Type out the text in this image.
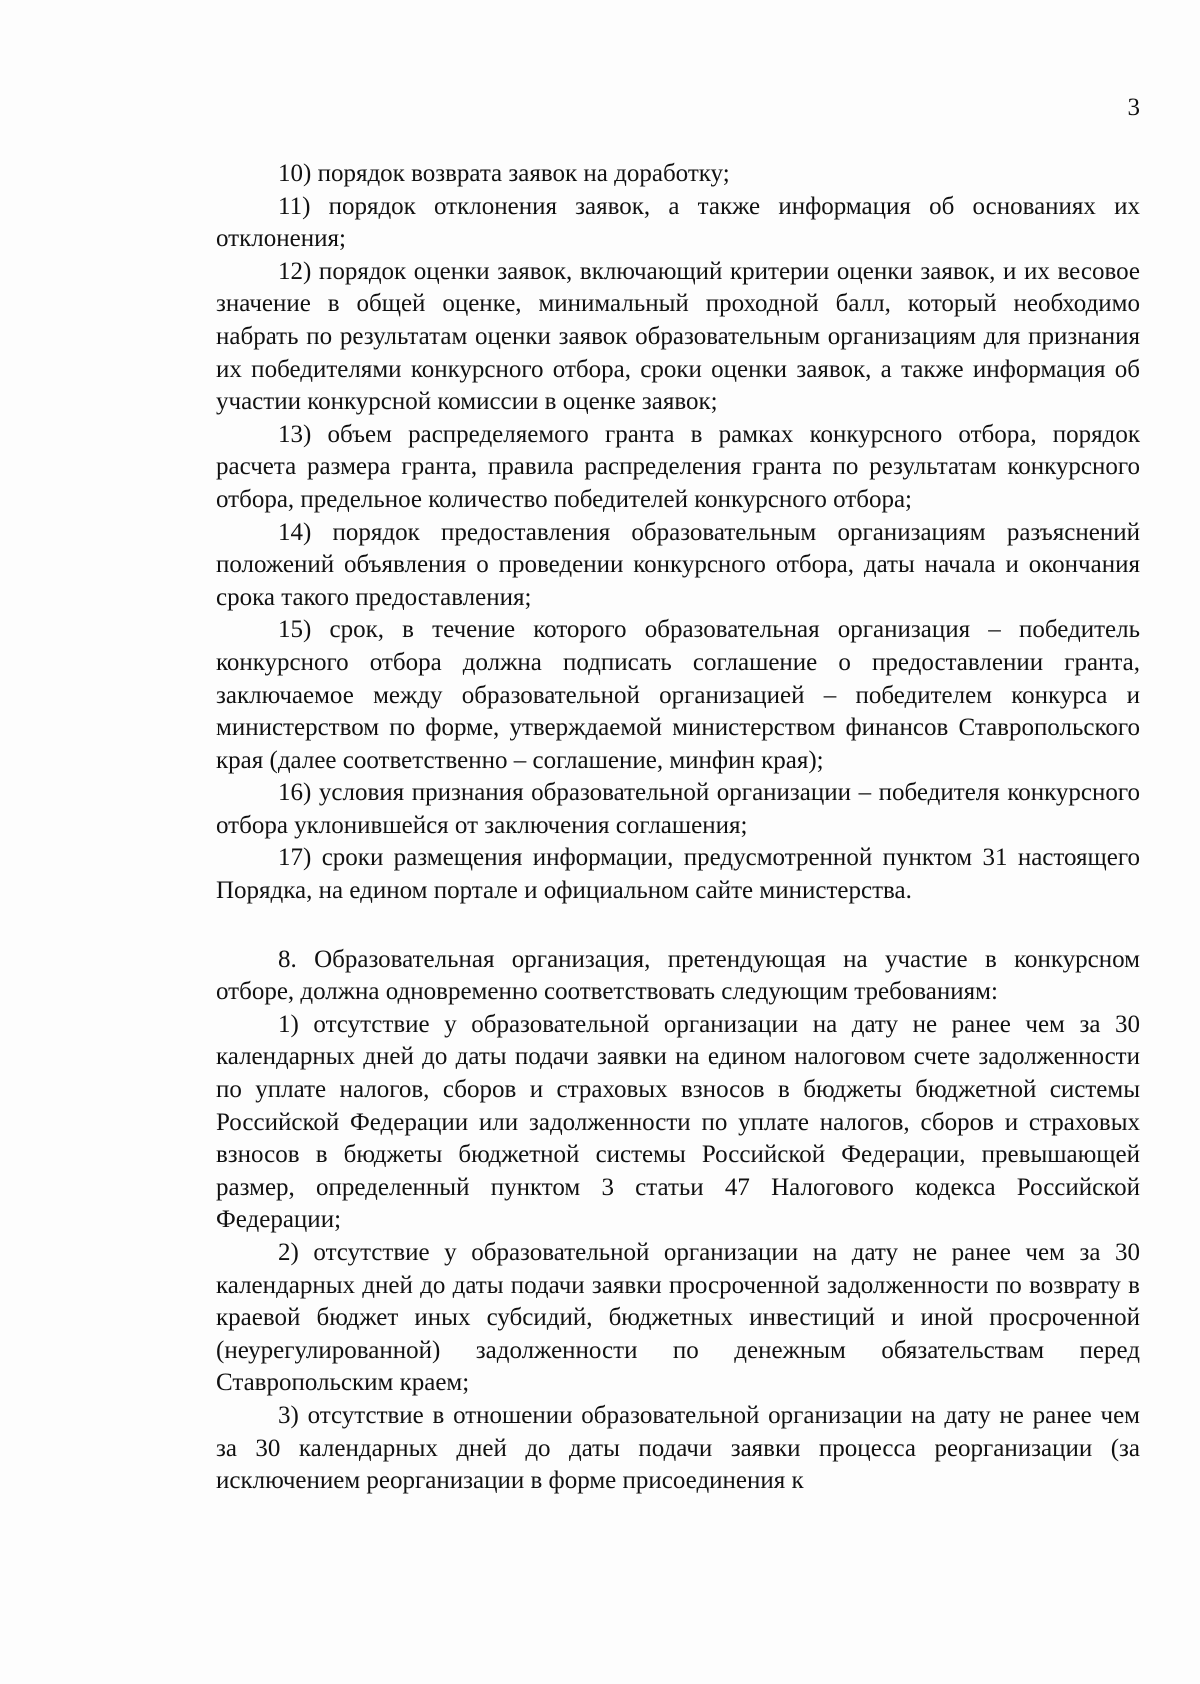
3

10) порядок возврата заявок на доработку;

11) порядок отклонения заявок, а также информация об основаниях их отклонения;

12) порядок оценки заявок, включающий критерии оценки заявок, и их весовое значение в общей оценке, минимальный проходной балл, который необходимо набрать по результатам оценки заявок образовательным организациям для признания их победителями конкурсного отбора, сроки оценки заявок, а также информация об участии конкурсной комиссии в оценке заявок;

13) объем распределяемого гранта в рамках конкурсного отбора, порядок расчета размера гранта, правила распределения гранта по результатам конкурсного отбора, предельное количество победителей конкурсного отбора;

14) порядок предоставления образовательным организациям разъяснений положений объявления о проведении конкурсного отбора, даты начала и окончания срока такого предоставления;

15) срок, в течение которого образовательная организация – победитель конкурсного отбора должна подписать соглашение о предоставлении гранта, заключаемое между образовательной организацией – победителем конкурса и министерством по форме, утверждаемой министерством финансов Ставропольского края (далее соответственно – соглашение, минфин края);

16) условия признания образовательной организации – победителя конкурсного отбора уклонившейся от заключения соглашения;

17) сроки размещения информации, предусмотренной пунктом 31 настоящего Порядка, на едином портале и официальном сайте министерства.

8. Образовательная организация, претендующая на участие в конкурсном отборе, должна одновременно соответствовать следующим требованиям:

1) отсутствие у образовательной организации на дату не ранее чем за 30 календарных дней до даты подачи заявки на едином налоговом счете задолженности по уплате налогов, сборов и страховых взносов в бюджеты бюджетной системы Российской Федерации или задолженности по уплате налогов, сборов и страховых взносов в бюджеты бюджетной системы Российской Федерации, превышающей размер, определенный пунктом 3 статьи 47 Налогового кодекса Российской Федерации;

2) отсутствие у образовательной организации на дату не ранее чем за 30 календарных дней до даты подачи заявки просроченной задолженности по возврату в краевой бюджет иных субсидий, бюджетных инвестиций и иной просроченной (неурегулированной) задолженности по денежным обязательствам перед Ставропольским краем;

3) отсутствие в отношении образовательной организации на дату не ранее чем за 30 календарных дней до даты подачи заявки процесса реорганизации (за исключением реорганизации в форме присоединения к
